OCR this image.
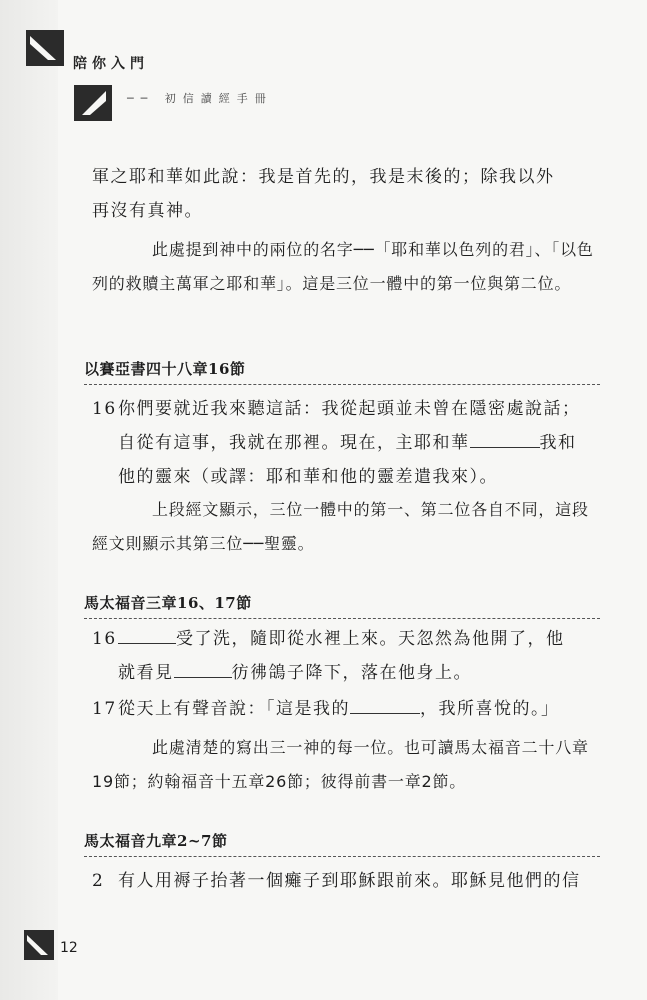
陪你入門
── 初信讀經手冊
軍之耶和華如此說：我是首先的，我是末後的；除我以外
再沒有真神。
此處提到神中的兩位的名字──「耶和華以色列的君」、「以色列的救贖主萬軍之耶和華」。這是三位一體中的第一位與第二位。
以賽亞書四十八章16節
16你們要就近我來聽這話：我從起頭並未曾在隱密處說話；
自從有這事，我就在那裡。現在，主耶和華	我和
他的靈來（或譯：耶和華和他的靈差遣我來）。
上段經文顯示，三位一體中的第一、第二位各自不同，這段經文則顯示其第三位──聖靈。
馬太福音三章16、17節
16	受了洗，隨即從水裡上來。天忽然為他開了，他
就看見	彷彿鴿子降下，落在他身上。
17從天上有聲音說：「這是我的	，我所喜悅的。」
此處清楚的寫出三一神的每一位。也可讀馬太福音二十八章19節；約翰福音十五章26節；彼得前書一章2節。
馬太福音九章2~7節
2 有人用褥子抬著一個癱子到耶穌跟前來。耶穌見他們的信
12
